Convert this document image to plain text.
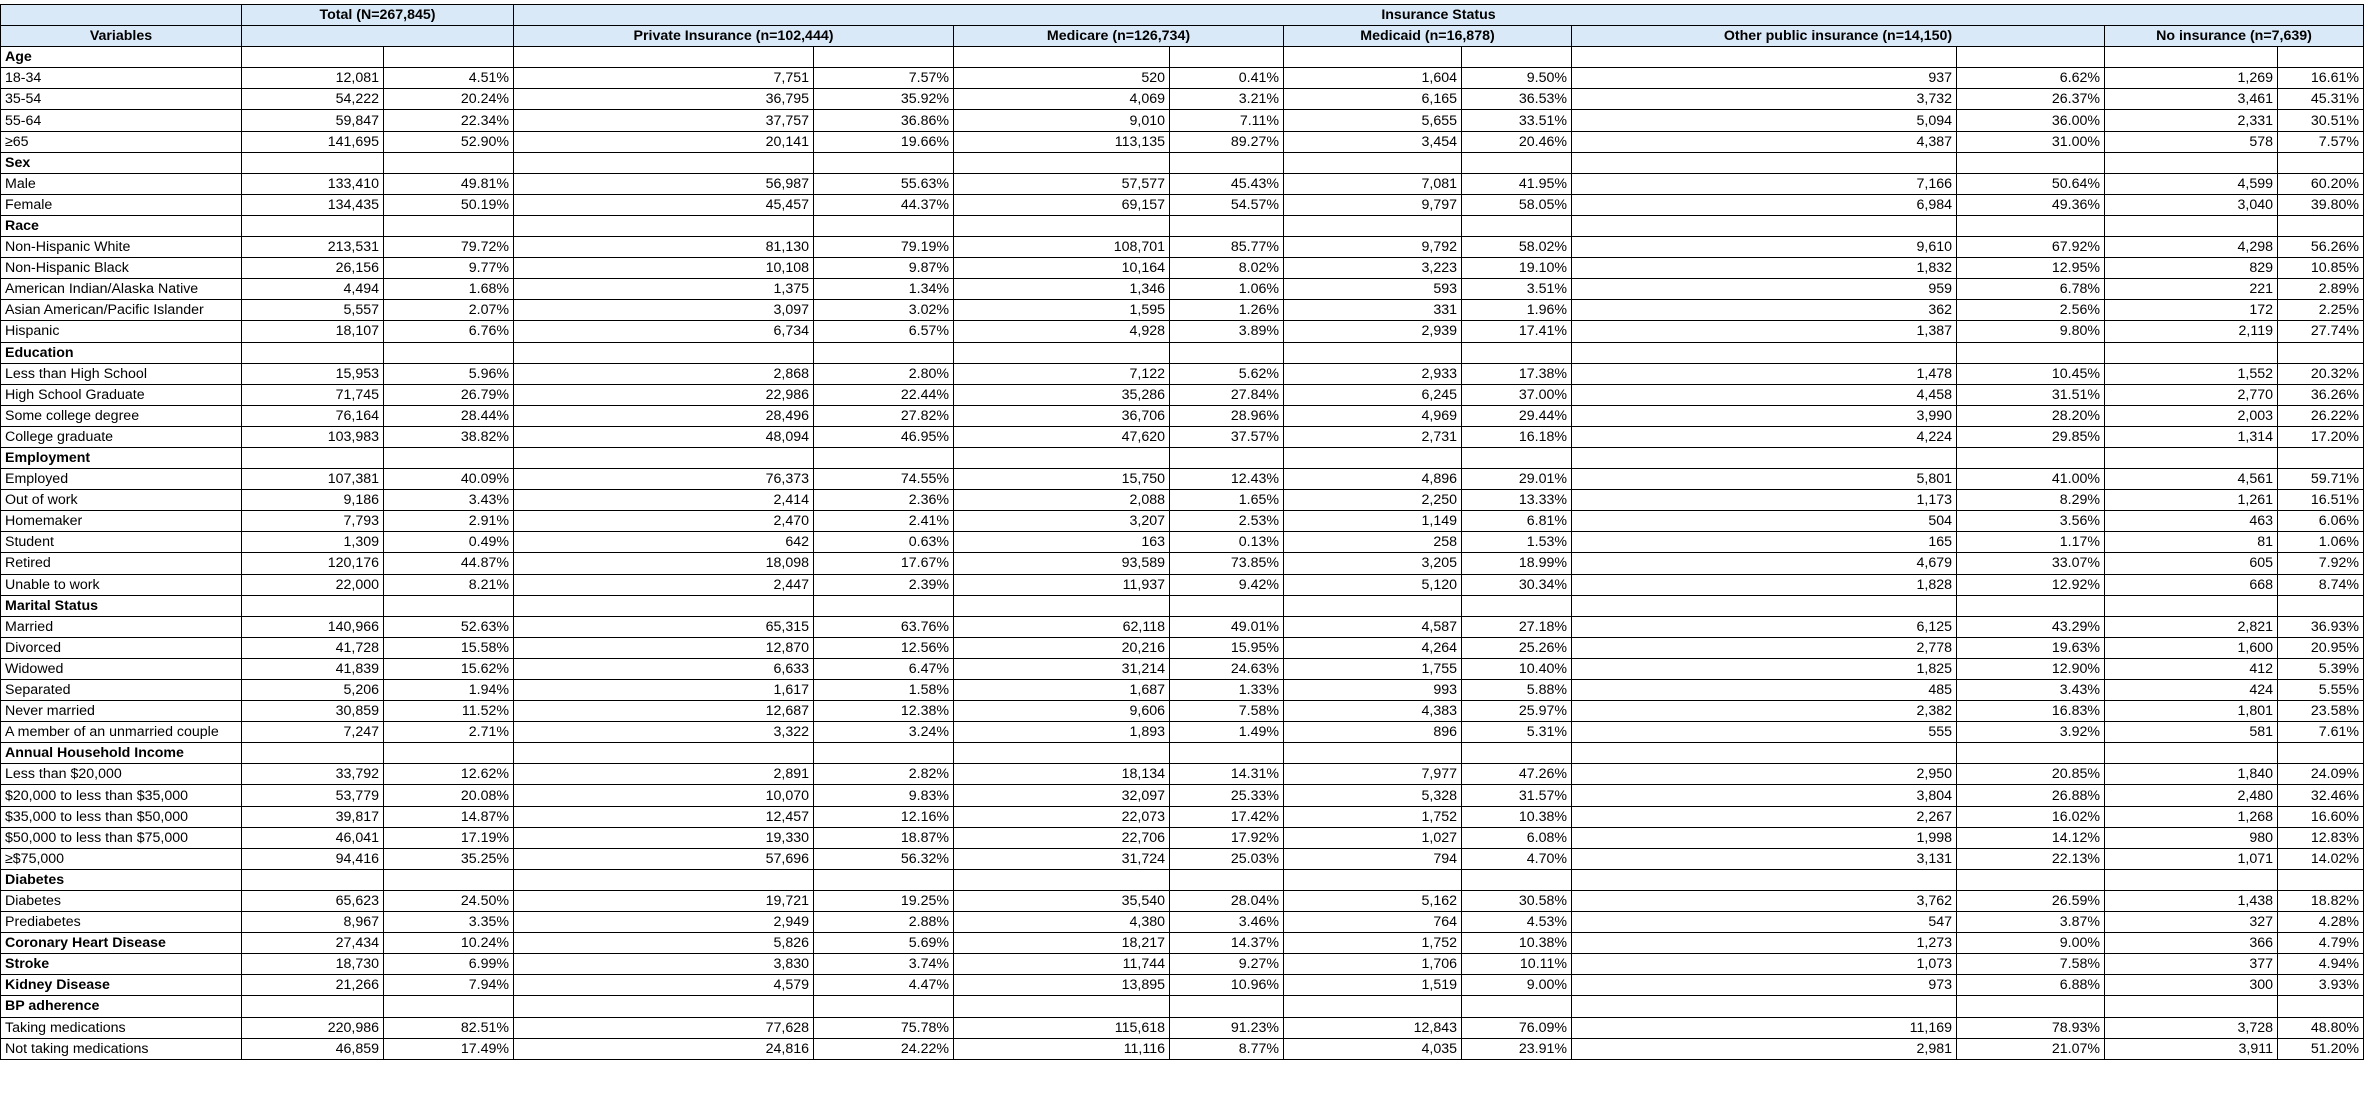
	Total (N=267,845)		Insurance Status									
Variables			Private Insurance (n=102,444)		Medicare (n=126,734)		Medicaid (n=16,878)		Other public insurance (n=14,150)		No insurance (n=7,639)	
Age												
18-34	12,081	4.51%	7,751	7.57%	520	0.41%	1,604	9.50%	937	6.62%	1,269	16.61%
35-54	54,222	20.24%	36,795	35.92%	4,069	3.21%	6,165	36.53%	3,732	26.37%	3,461	45.31%
55-64	59,847	22.34%	37,757	36.86%	9,010	7.11%	5,655	33.51%	5,094	36.00%	2,331	30.51%
≥65	141,695	52.90%	20,141	19.66%	113,135	89.27%	3,454	20.46%	4,387	31.00%	578	7.57%
Sex												
Male	133,410	49.81%	56,987	55.63%	57,577	45.43%	7,081	41.95%	7,166	50.64%	4,599	60.20%
Female	134,435	50.19%	45,457	44.37%	69,157	54.57%	9,797	58.05%	6,984	49.36%	3,040	39.80%
Race												
Non-Hispanic White	213,531	79.72%	81,130	79.19%	108,701	85.77%	9,792	58.02%	9,610	67.92%	4,298	56.26%
Non-Hispanic Black	26,156	9.77%	10,108	9.87%	10,164	8.02%	3,223	19.10%	1,832	12.95%	829	10.85%
American Indian/Alaska Native	4,494	1.68%	1,375	1.34%	1,346	1.06%	593	3.51%	959	6.78%	221	2.89%
Asian American/Pacific Islander	5,557	2.07%	3,097	3.02%	1,595	1.26%	331	1.96%	362	2.56%	172	2.25%
Hispanic	18,107	6.76%	6,734	6.57%	4,928	3.89%	2,939	17.41%	1,387	9.80%	2,119	27.74%
Education												
Less than High School	15,953	5.96%	2,868	2.80%	7,122	5.62%	2,933	17.38%	1,478	10.45%	1,552	20.32%
High School Graduate	71,745	26.79%	22,986	22.44%	35,286	27.84%	6,245	37.00%	4,458	31.51%	2,770	36.26%
Some college degree	76,164	28.44%	28,496	27.82%	36,706	28.96%	4,969	29.44%	3,990	28.20%	2,003	26.22%
College graduate	103,983	38.82%	48,094	46.95%	47,620	37.57%	2,731	16.18%	4,224	29.85%	1,314	17.20%
Employment												
Employed	107,381	40.09%	76,373	74.55%	15,750	12.43%	4,896	29.01%	5,801	41.00%	4,561	59.71%
Out of work	9,186	3.43%	2,414	2.36%	2,088	1.65%	2,250	13.33%	1,173	8.29%	1,261	16.51%
Homemaker	7,793	2.91%	2,470	2.41%	3,207	2.53%	1,149	6.81%	504	3.56%	463	6.06%
Student	1,309	0.49%	642	0.63%	163	0.13%	258	1.53%	165	1.17%	81	1.06%
Retired	120,176	44.87%	18,098	17.67%	93,589	73.85%	3,205	18.99%	4,679	33.07%	605	7.92%
Unable to work	22,000	8.21%	2,447	2.39%	11,937	9.42%	5,120	30.34%	1,828	12.92%	668	8.74%
Marital Status												
Married	140,966	52.63%	65,315	63.76%	62,118	49.01%	4,587	27.18%	6,125	43.29%	2,821	36.93%
Divorced	41,728	15.58%	12,870	12.56%	20,216	15.95%	4,264	25.26%	2,778	19.63%	1,600	20.95%
Widowed	41,839	15.62%	6,633	6.47%	31,214	24.63%	1,755	10.40%	1,825	12.90%	412	5.39%
Separated	5,206	1.94%	1,617	1.58%	1,687	1.33%	993	5.88%	485	3.43%	424	5.55%
Never married	30,859	11.52%	12,687	12.38%	9,606	7.58%	4,383	25.97%	2,382	16.83%	1,801	23.58%
A member of an unmarried couple	7,247	2.71%	3,322	3.24%	1,893	1.49%	896	5.31%	555	3.92%	581	7.61%
Annual Household Income												
Less than $20,000	33,792	12.62%	2,891	2.82%	18,134	14.31%	7,977	47.26%	2,950	20.85%	1,840	24.09%
$20,000 to less than $35,000	53,779	20.08%	10,070	9.83%	32,097	25.33%	5,328	31.57%	3,804	26.88%	2,480	32.46%
$35,000 to less than $50,000	39,817	14.87%	12,457	12.16%	22,073	17.42%	1,752	10.38%	2,267	16.02%	1,268	16.60%
$50,000 to less than $75,000	46,041	17.19%	19,330	18.87%	22,706	17.92%	1,027	6.08%	1,998	14.12%	980	12.83%
≥$75,000	94,416	35.25%	57,696	56.32%	31,724	25.03%	794	4.70%	3,131	22.13%	1,071	14.02%
Diabetes												
Diabetes	65,623	24.50%	19,721	19.25%	35,540	28.04%	5,162	30.58%	3,762	26.59%	1,438	18.82%
Prediabetes	8,967	3.35%	2,949	2.88%	4,380	3.46%	764	4.53%	547	3.87%	327	4.28%
Coronary Heart Disease	27,434	10.24%	5,826	5.69%	18,217	14.37%	1,752	10.38%	1,273	9.00%	366	4.79%
Stroke	18,730	6.99%	3,830	3.74%	11,744	9.27%	1,706	10.11%	1,073	7.58%	377	4.94%
Kidney Disease	21,266	7.94%	4,579	4.47%	13,895	10.96%	1,519	9.00%	973	6.88%	300	3.93%
BP adherence												
Taking medications	220,986	82.51%	77,628	75.78%	115,618	91.23%	12,843	76.09%	11,169	78.93%	3,728	48.80%
Not taking medications	46,859	17.49%	24,816	24.22%	11,116	8.77%	4,035	23.91%	2,981	21.07%	3,911	51.20%
